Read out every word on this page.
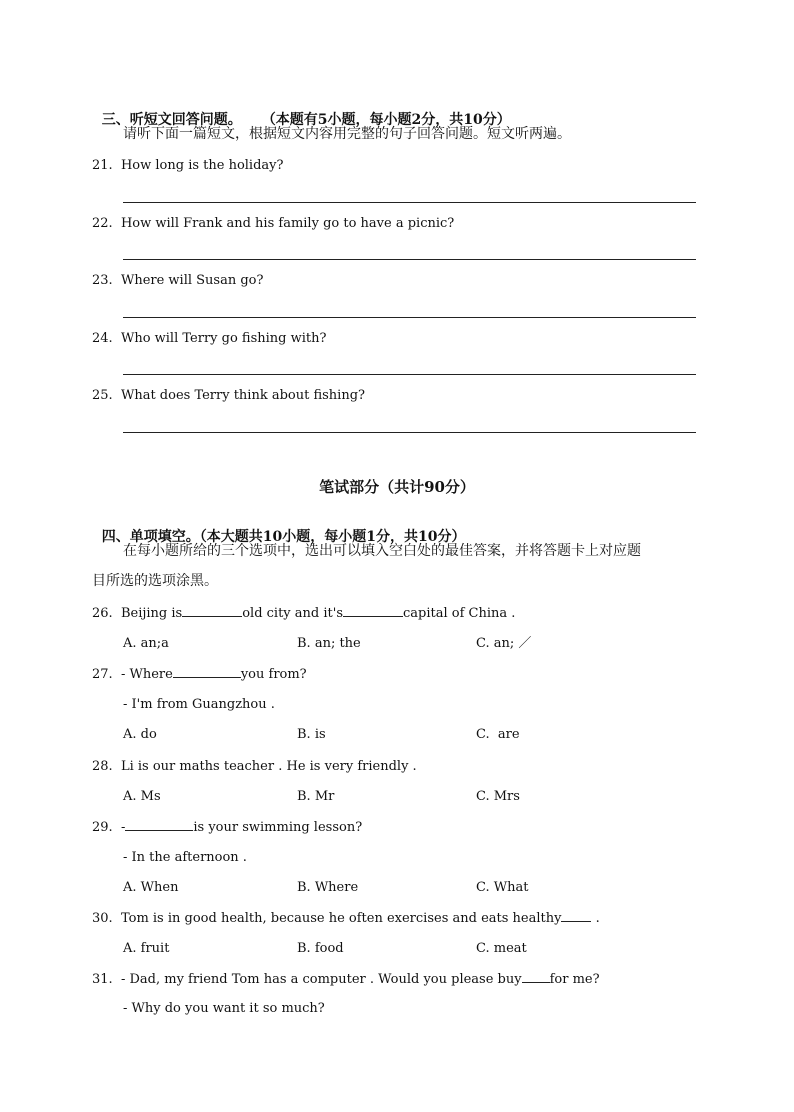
三、听短文回答问题。 （本题有5小题，每小题2分，共10分）

请听下面一篇短文，根据短文内容用完整的句子回答问题。短文听两遍。
21. How long is the holiday?
22. How will Frank and his family go to have a picnic?
23. Where will Susan go?
24. Who will Terry go fishing with?
25. What does Terry think about fishing?
笔试部分（共计90分）

四、单项填空。（本大题共10小题，每小题1分，共10分）

在每小题所给的三个选项中，选出可以填入空白处的最佳答案，并将答题卡上对应题
目所选的选项涂黑。
26. Beijing is	old city and it's	capital of China .
A. an;a	B. an; the	C. an; ／
27. - Where	you from?
- I'm from Guangzhou .
A. do	B. is	C.  are
28. Li is our maths teacher . He is very friendly .
A. Ms	B. Mr	C. Mrs
29. -	is your swimming lesson?
- In the afternoon .
A. When	B. Where	C. What
30. Tom is in good health, because he often exercises and eats healthy .
A. fruit	B. food	C. meat
31. - Dad, my friend Tom has a computer . Would you please buy for me?
- Why do you want it so much?
